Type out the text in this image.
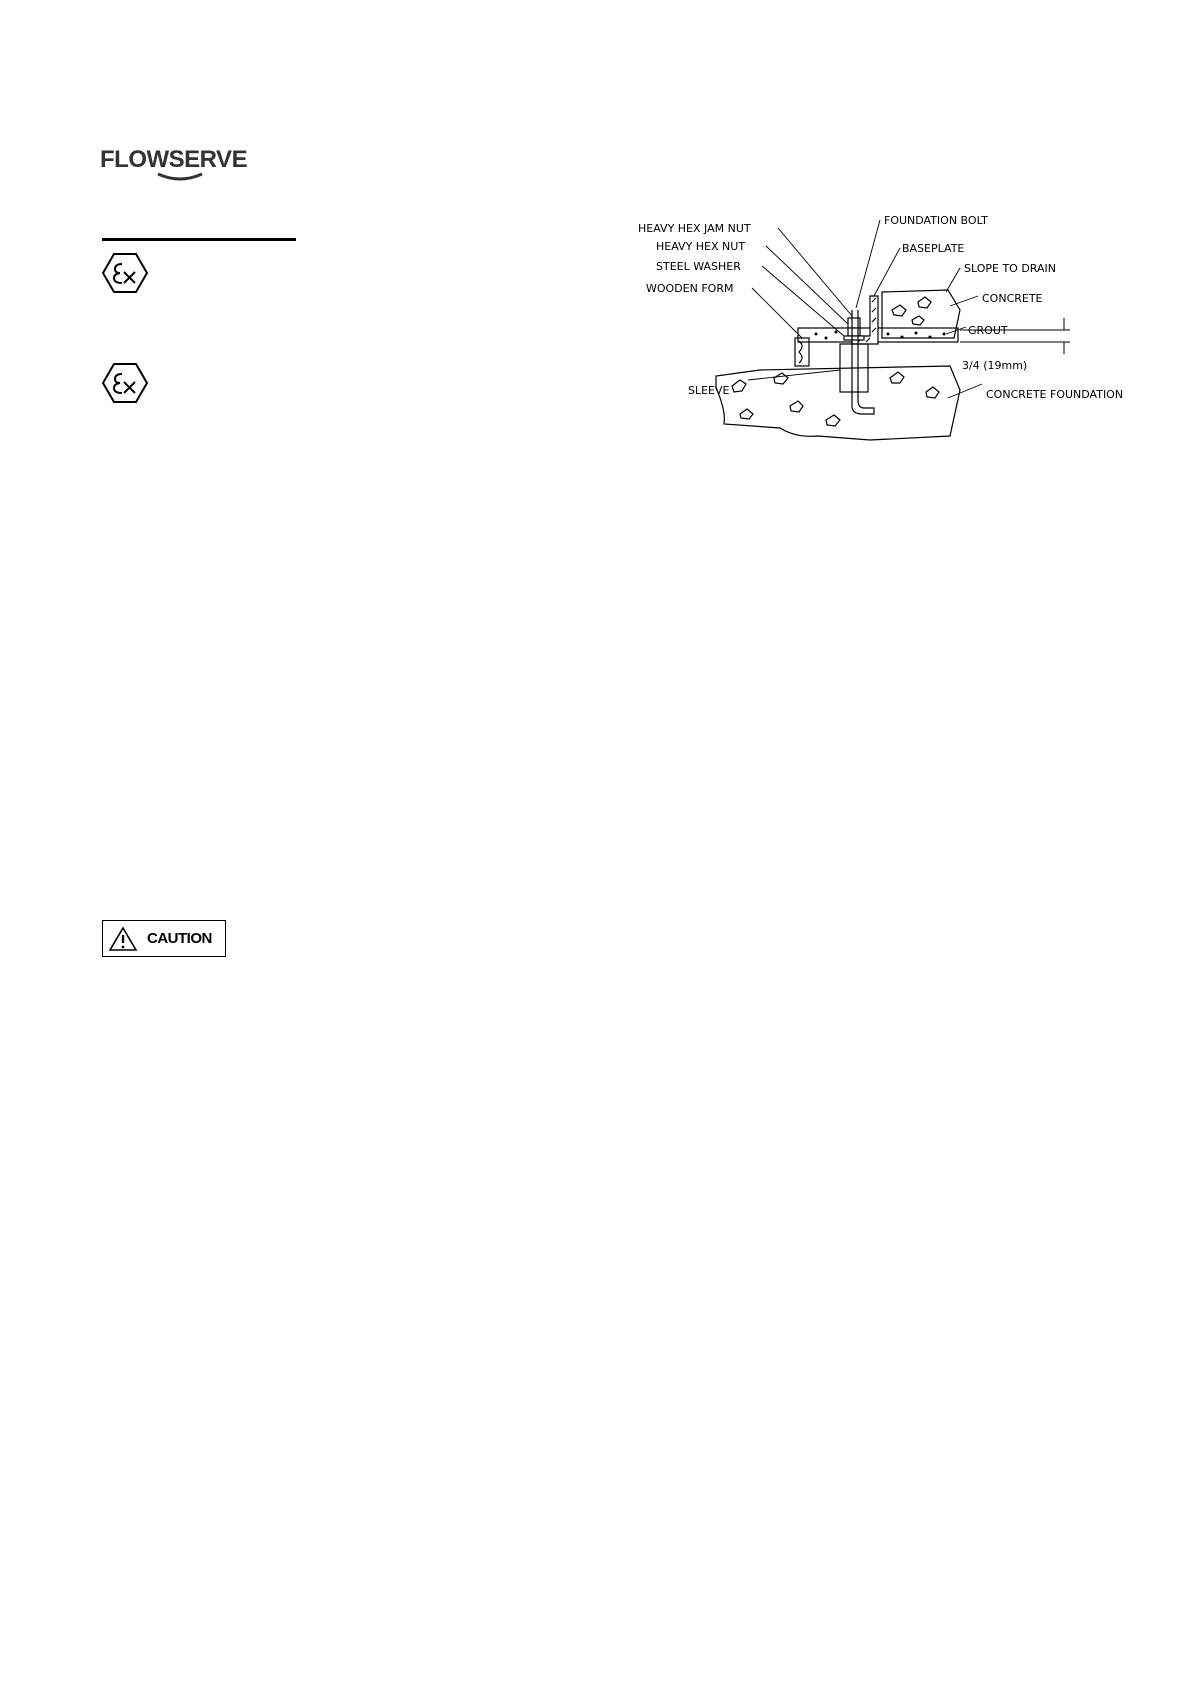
FLOWSERVE
HEAVY HEX JAM NUT
HEAVY HEX NUT
STEEL WASHER
WOODEN FORM
SLEEVE
FOUNDATION BOLT
BASEPLATE
SLOPE TO DRAIN
CONCRETE
GROUT
3/4 (19mm)
CONCRETE FOUNDATION
CAUTION
